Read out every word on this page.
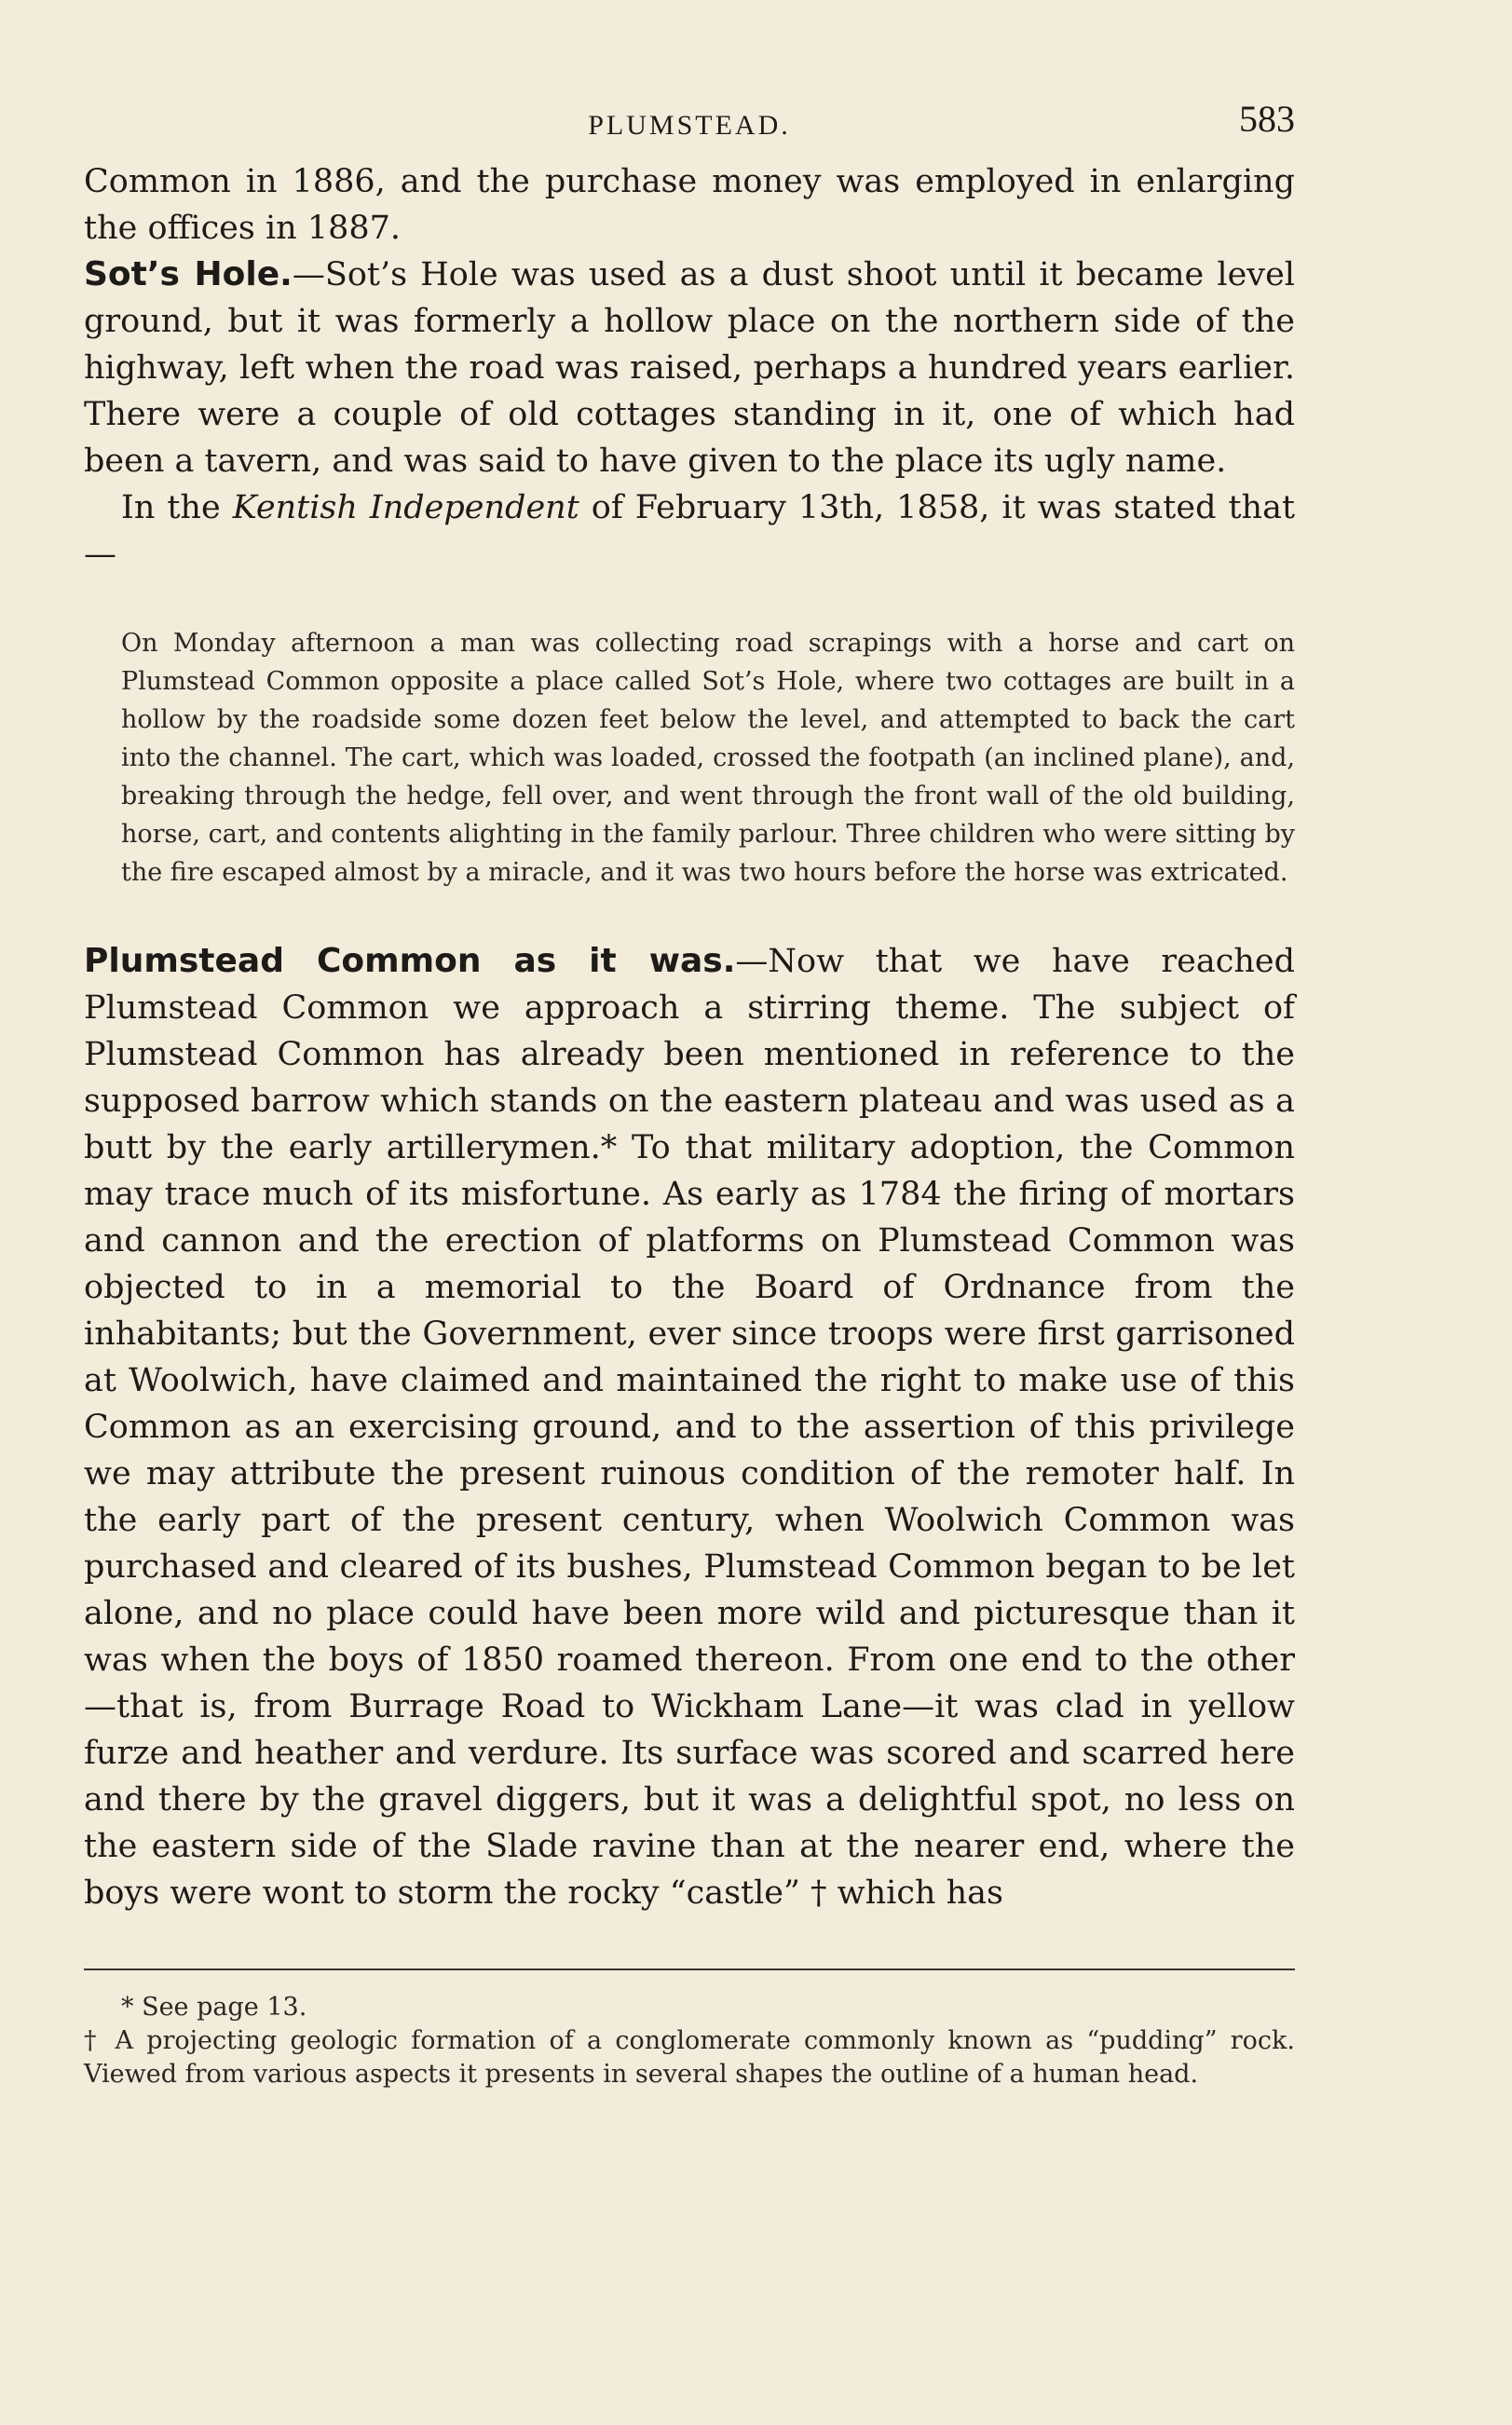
PLUMSTEAD.	583

Common in 1886, and the purchase money was employed in enlarging the offices in 1887.

Sot’s Hole.—Sot’s Hole was used as a dust shoot until it became level ground, but it was formerly a hollow place on the northern side of the highway, left when the road was raised, perhaps a hundred years earlier. There were a couple of old cottages standing in it, one of which had been a tavern, and was said to have given to the place its ugly name.

In the Kentish Independent of February 13th, 1858, it was stated that—

On Monday afternoon a man was collecting road scrapings with a horse and cart on Plumstead Common opposite a place called Sot’s Hole, where two cottages are built in a hollow by the roadside some dozen feet below the level, and attempted to back the cart into the channel. The cart, which was loaded, crossed the footpath (an inclined plane), and, breaking through the hedge, fell over, and went through the front wall of the old building, horse, cart, and contents alighting in the family parlour. Three children who were sitting by the fire escaped almost by a miracle, and it was two hours before the horse was extricated.

Plumstead Common as it was.—Now that we have reached Plumstead Common we approach a stirring theme. The subject of Plumstead Common has already been mentioned in reference to the supposed barrow which stands on the eastern plateau and was used as a butt by the early artillerymen.* To that military adoption, the Common may trace much of its misfortune. As early as 1784 the firing of mortars and cannon and the erection of platforms on Plumstead Common was objected to in a memorial to the Board of Ordnance from the inhabitants; but the Government, ever since troops were first garrisoned at Woolwich, have claimed and maintained the right to make use of this Common as an exercising ground, and to the assertion of this privilege we may attribute the present ruinous condition of the remoter half. In the early part of the present century, when Woolwich Common was purchased and cleared of its bushes, Plumstead Common began to be let alone, and no place could have been more wild and picturesque than it was when the boys of 1850 roamed thereon. From one end to the other—that is, from Burrage Road to Wickham Lane—it was clad in yellow furze and heather and verdure. Its surface was scored and scarred here and there by the gravel diggers, but it was a delightful spot, no less on the eastern side of the Slade ravine than at the nearer end, where the boys were wont to storm the rocky “castle” † which has

* See page 13.

† A projecting geologic formation of a conglomerate commonly known as “pudding” rock. Viewed from various aspects it presents in several shapes the outline of a human head.
